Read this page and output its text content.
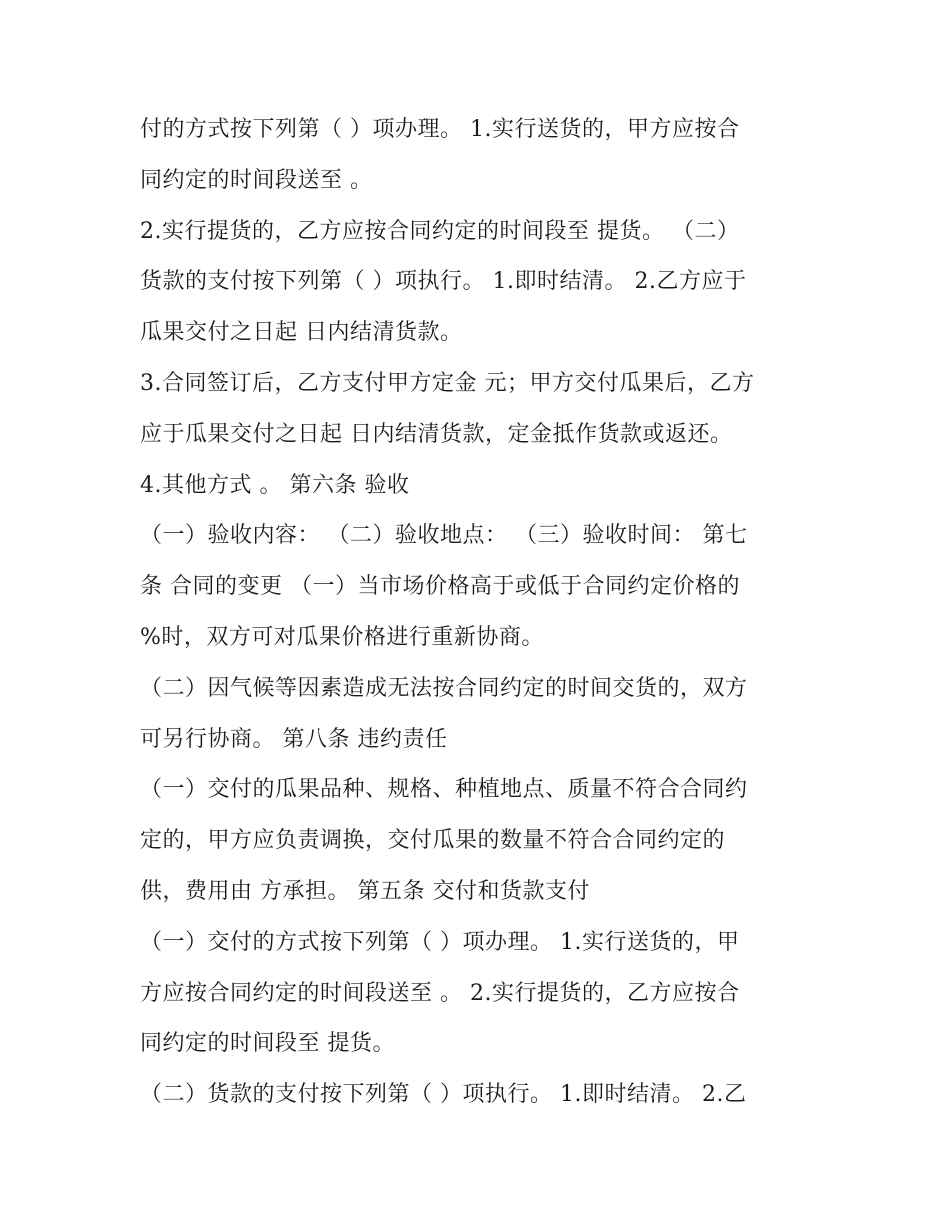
付的方式按下列第（ ）项办理。 1.实行送货的，甲方应按合
同约定的时间段送至 。
2.实行提货的，乙方应按合同约定的时间段至 提货。 （二）
货款的支付按下列第（ ）项执行。 1.即时结清。 2.乙方应于
瓜果交付之日起 日内结清货款。
3.合同签订后，乙方支付甲方定金 元；甲方交付瓜果后，乙方
应于瓜果交付之日起 日内结清货款，定金抵作货款或返还。
4.其他方式 。 第六条 验收
（一）验收内容： （二）验收地点： （三）验收时间： 第七
条 合同的变更 （一）当市场价格高于或低于合同约定价格的
%时，双方可对瓜果价格进行重新协商。
（二）因气候等因素造成无法按合同约定的时间交货的，双方
可另行协商。 第八条 违约责任
（一）交付的瓜果品种、规格、种植地点、质量不符合合同约
定的，甲方应负责调换，交付瓜果的数量不符合合同约定的
供，费用由 方承担。 第五条 交付和货款支付
（一）交付的方式按下列第（ ）项办理。 1.实行送货的，甲
方应按合同约定的时间段送至 。 2.实行提货的，乙方应按合
同约定的时间段至 提货。
（二）货款的支付按下列第（ ）项执行。 1.即时结清。 2.乙
